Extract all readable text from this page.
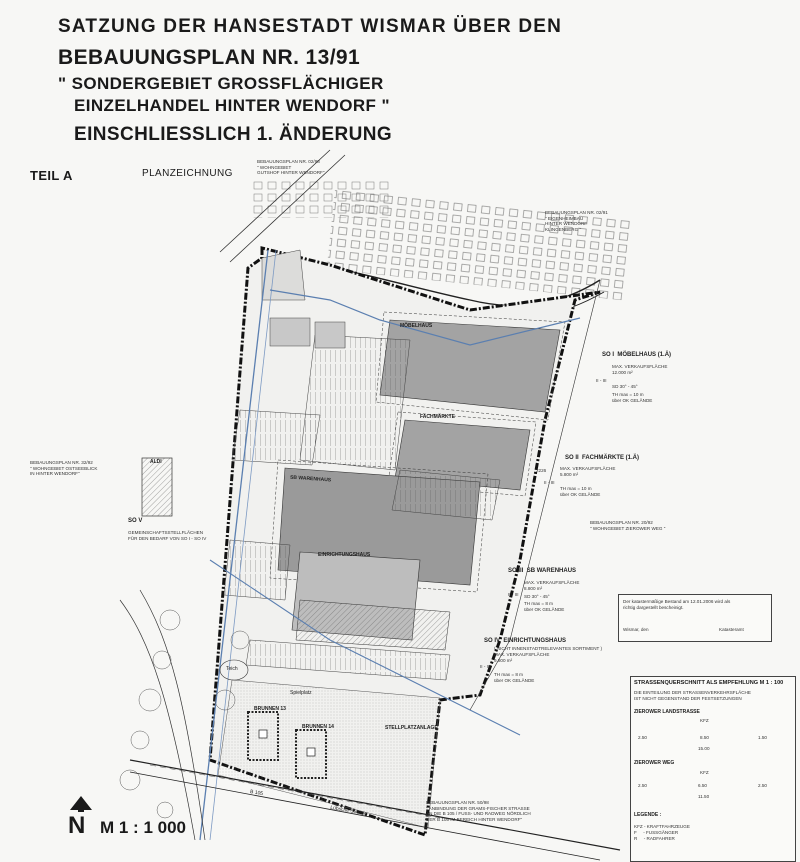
SATZUNG DER HANSESTADT WISMAR ÜBER DEN
BEBAUUNGSPLAN NR. 13/91
" SONDERGEBIET GROSSFLÄCHIGER
EINZELHANDEL HINTER WENDORF "
EINSCHLIESSLICH 1. ÄNDERUNG
TEIL A	PLANZEICHNUNG
MÖBELHAUS
FACHMÄRKTE
SB WARENHAUS
EINRICHTUNGSHAUS
BRUNNEN 13
BRUNNEN 14
Spielplatz
Teich
ALDI
B 105
Lübsche Strasse
STELLPLATZANLAGE
BEBAUUNGSPLAN NR. 02/98
" WOHNGEBIET
GUTSHOF HINTER WENDORF"
BEBAUUNGSPLAN NR. 02/91
" EIGENHEIMBAU
HINTER WENDORF
KLINGENBERG "
BEBAUUNGSPLAN NR. 32/92
" WOHNGEBIET OSTSEEBLICK
IN HINTER WENDORF"
BEBAUUNGSPLAN NR. 20/92
" WOHNGEBIET ZIEROWER WEG "
BEBAUUNGSPLAN NR. 50/98
" ANBINDUNG DER GRAMS-FISCHER STRASSE
AN DIE B 105 / FUSS- UND RADWEG NÖRDLICH
DER B 105 IM BEREICH HINTER WENDORF"
SO I MÖBELHAUS (1.Ä)
MAX. VERKAUFSFLÄCHE
12.000 m²
II - III
SD 30° - 45°
TH max = 10 m
über OK GELÄNDE
SO II FACHMÄRKTE (1.Ä)
MAX. VERKAUFSFLÄCHE
5.800 m²
2226
II - III
TH max = 10 m
über OK GELÄNDE
SO III SB WARENHAUS
MAX. VERKAUFSFLÄCHE
8.800 m²
II - III SD 30° - 45°
TH max = 8 m
über OK GELÄNDE
SO IV EINRICHTUNGSHAUS
( NICHT INNENSTADTRELEVANTES SORTIMENT )
MAX. VERKAUFSFLÄCHE
9.800 m²
II - III
TH max = 8 m
über OK GELÄNDE
SO V
GEMEINSCHAFTSSTELLFLÄCHEN
FÜR DEN BEDARF VON SO I - SO IV
Der katastermäßige Bestand am 12.01.2006 wird als
richtig dargestellt bescheinigt.
Wismar, den	Katasteramt
STRASSENQUERSCHNITT ALS EMPFEHLUNG M 1 : 100
DIE EINTEILUNG DER STRASSENVERKEHRSFLÄCHE
IST NICHT GEGENSTAND DER FESTSETZUNGEN
ZIEROWER LANDSTRASSE
KFZ
2.50	8.50	1.50
15.00
ZIEROWER WEG
KFZ
2.50	6.50	2.50
11.50
LEGENDE :
KFZ - KRAFTFAHRZEUGE
F     - FUSSGÄNGER
R     - RADFAHRER
N M 1 : 1 000
